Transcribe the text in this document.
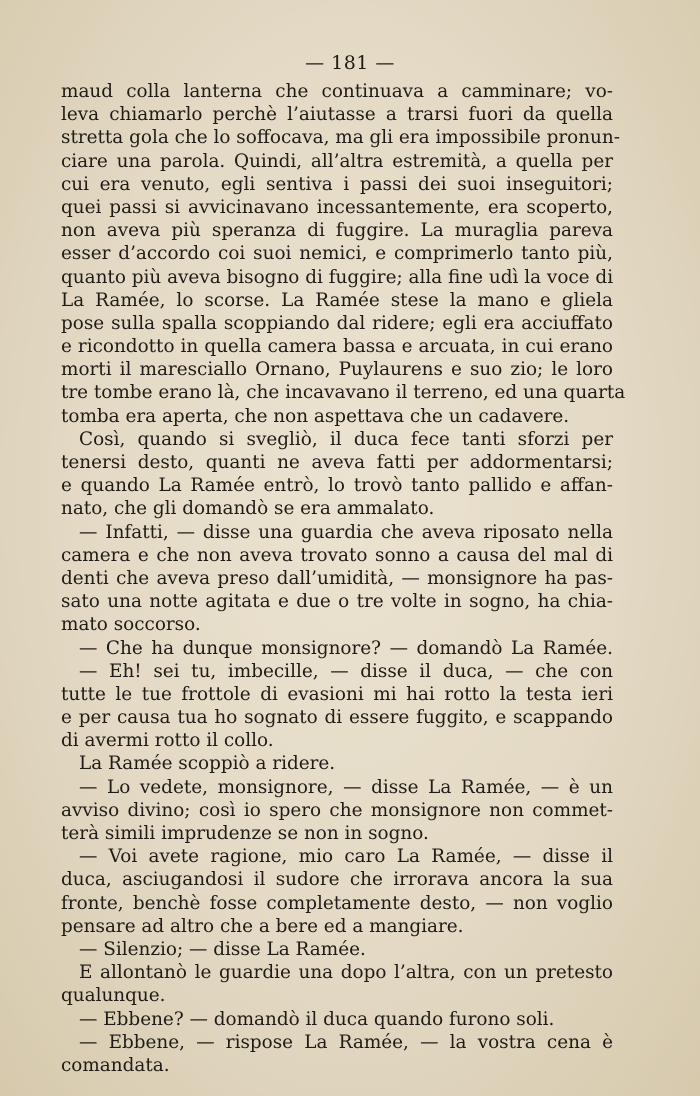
— 181 —
maud colla lanterna che continuava a camminare; vo-
leva chiamarlo perchè l’aiutasse a trarsi fuori da quella
stretta gola che lo soffocava, ma gli era impossibile pronun-
ciare una parola. Quindi, all’altra estremità, a quella per
cui era venuto, egli sentiva i passi dei suoi inseguitori;
quei passi si avvicinavano incessantemente, era scoperto,
non aveva più speranza di fuggire. La muraglia pareva
esser d’accordo coi suoi nemici, e comprimerlo tanto più,
quanto più aveva bisogno di fuggire; alla fine udì la voce di
La Ramée, lo scorse. La Ramée stese la mano e gliela
pose sulla spalla scoppiando dal ridere; egli era acciuffato
e ricondotto in quella camera bassa e arcuata, in cui erano
morti il maresciallo Ornano, Puylaurens e suo zio; le loro
tre tombe erano là, che incavavano il terreno, ed una quarta
tomba era aperta, che non aspettava che un cadavere.
Così, quando si svegliò, il duca fece tanti sforzi per
tenersi desto, quanti ne aveva fatti per addormentarsi;
e quando La Ramée entrò, lo trovò tanto pallido e affan-
nato, che gli domandò se era ammalato.
— Infatti, — disse una guardia che aveva riposato nella
camera e che non aveva trovato sonno a causa del mal di
denti che aveva preso dall’umidità, — monsignore ha pas-
sato una notte agitata e due o tre volte in sogno, ha chia-
mato soccorso.
— Che ha dunque monsignore? — domandò La Ramée.
— Eh! sei tu, imbecille, — disse il duca, — che con
tutte le tue frottole di evasioni mi hai rotto la testa ieri
e per causa tua ho sognato di essere fuggito, e scappando
di avermi rotto il collo.
La Ramée scoppiò a ridere.
— Lo vedete, monsignore, — disse La Ramée, — è un
avviso divino; così io spero che monsignore non commet-
terà simili imprudenze se non in sogno.
— Voi avete ragione, mio caro La Ramée, — disse il
duca, asciugandosi il sudore che irrorava ancora la sua
fronte, benchè fosse completamente desto, — non voglio
pensare ad altro che a bere ed a mangiare.
— Silenzio; — disse La Ramée.
E allontanò le guardie una dopo l’altra, con un pretesto
qualunque.
— Ebbene? — domandò il duca quando furono soli.
— Ebbene, — rispose La Ramée, — la vostra cena è
comandata.
